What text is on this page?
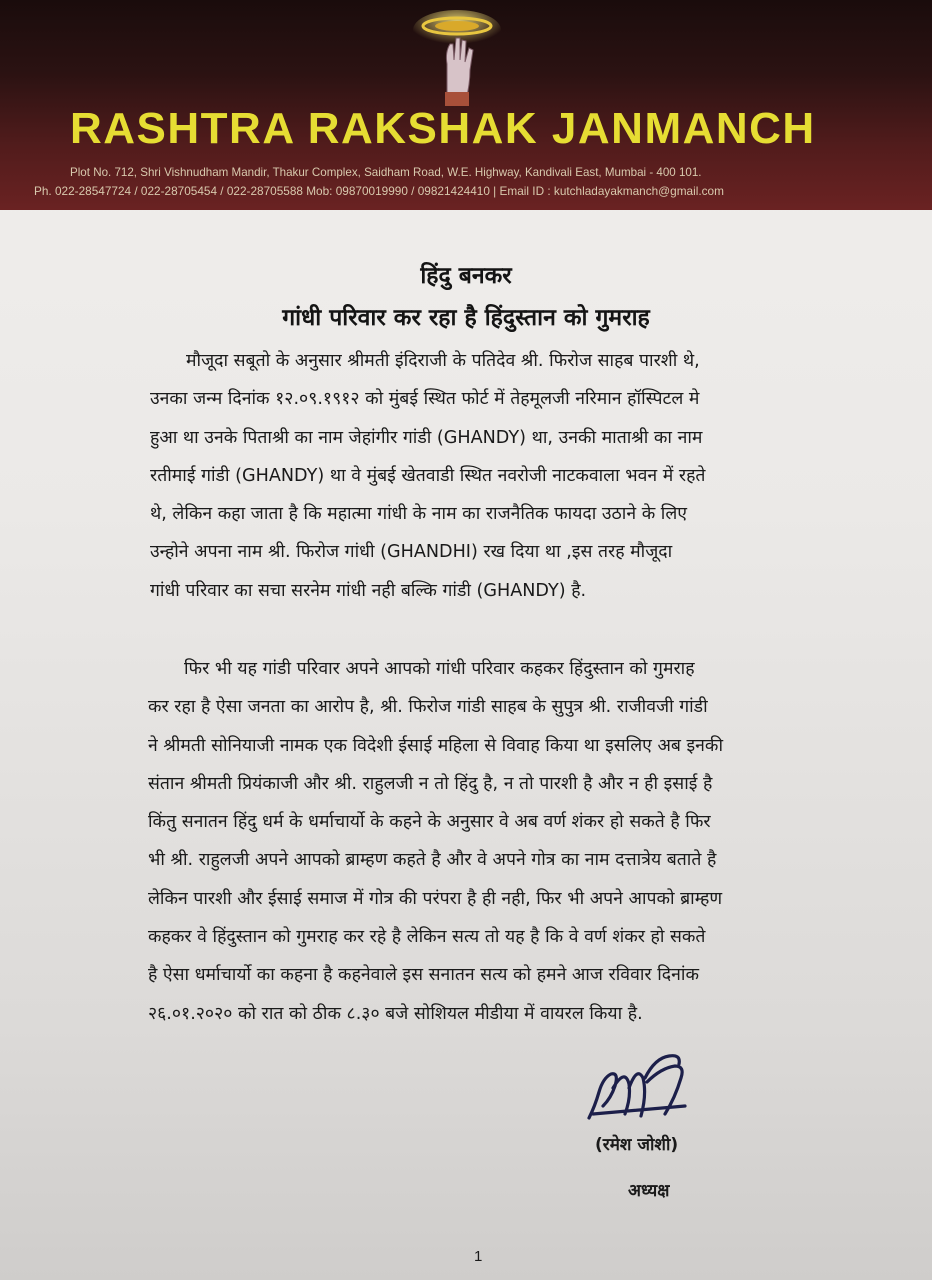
RASHTRA RAKSHAK JANMANCH
Plot No. 712, Shri Vishnudham Mandir, Thakur Complex, Saidham Road, W.E. Highway, Kandivali East, Mumbai - 400 101.
Ph. 022-28547724 / 022-28705454 / 022-28705588 Mob: 09870019990 / 09821424410 | Email ID : kutchladayakmanch@gmail.com
हिंदु बनकर
गांधी परिवार कर रहा है हिंदुस्तान को गुमराह
मौजूदा सबूतो के अनुसार श्रीमती इंदिराजी के पतिदेव श्री. फिरोज साहब पारशी थे,
उनका जन्म दिनांक १२.०९.१९१२ को मुंबई स्थित फोर्ट में तेहमूलजी नरिमान हॉस्पिटल मे
हुआ था उनके पिताश्री का नाम जेहांगीर गांडी (GHANDY) था, उनकी माताश्री का नाम
रतीमाई गांडी (GHANDY) था वे मुंबई खेतवाडी स्थित नवरोजी नाटकवाला भवन में रहते
थे, लेकिन कहा जाता है कि महात्मा गांधी के नाम का राजनैतिक फायदा उठाने के लिए
उन्होने अपना नाम श्री. फिरोज गांधी (GHANDHI) रख दिया था ,इस तरह मौजूदा
गांधी परिवार का सचा सरनेम गांधी नही बल्कि गांडी (GHANDY) है.
फिर भी यह गांडी परिवार अपने आपको गांधी परिवार कहकर हिंदुस्तान को गुमराह
कर रहा है ऐसा जनता का आरोप है, श्री. फिरोज गांडी साहब के सुपुत्र श्री. राजीवजी गांडी
ने श्रीमती सोनियाजी नामक एक विदेशी ईसाई महिला से विवाह किया था इसलिए अब इनकी
संतान श्रीमती प्रियंकाजी और श्री. राहुलजी न तो हिंदु है, न तो पारशी है और न ही इसाई है
किंतु सनातन हिंदु धर्म के धर्माचार्यो के कहने के अनुसार वे अब वर्ण शंकर हो सकते है फिर
भी श्री. राहुलजी अपने आपको ब्राम्हण कहते है और वे अपने गोत्र का नाम दत्तात्रेय बताते है
लेकिन पारशी और ईसाई समाज में गोत्र की परंपरा है ही नही, फिर भी अपने आपको ब्राम्हण
कहकर वे हिंदुस्तान को गुमराह कर रहे है लेकिन सत्य तो यह है कि वे वर्ण शंकर हो सकते
है ऐसा धर्माचार्यो का कहना है कहनेवाले इस सनातन सत्य को हमने आज रविवार दिनांक
२६.०१.२०२० को रात को ठीक ८.३० बजे सोशियल मीडीया में वायरल किया है.
(रमेश जोशी)
अध्यक्ष
1
